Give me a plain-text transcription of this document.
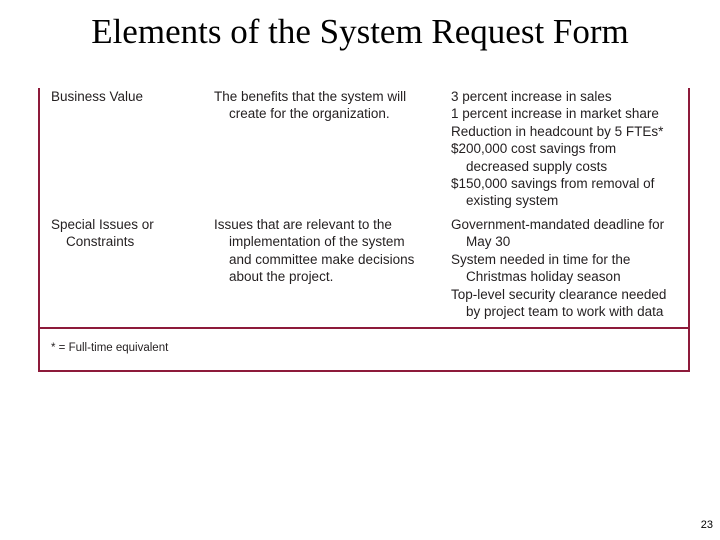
Elements of the System Request Form
Business Value	The benefits that the system will
create for the organization.
3 percent increase in sales
1 percent increase in market share
Reduction in headcount by 5 FTEs*
$200,000 cost savings from
decreased supply costs
$150,000 savings from removal of
existing system
Special Issues or
Constraints
Issues that are relevant to the
implementation of the system
and committee make decisions
about the project.
Government-mandated deadline for
May 30
System needed in time for the
Christmas holiday season
Top-level security clearance needed
by project team to work with data
* = Full-time equivalent
23
